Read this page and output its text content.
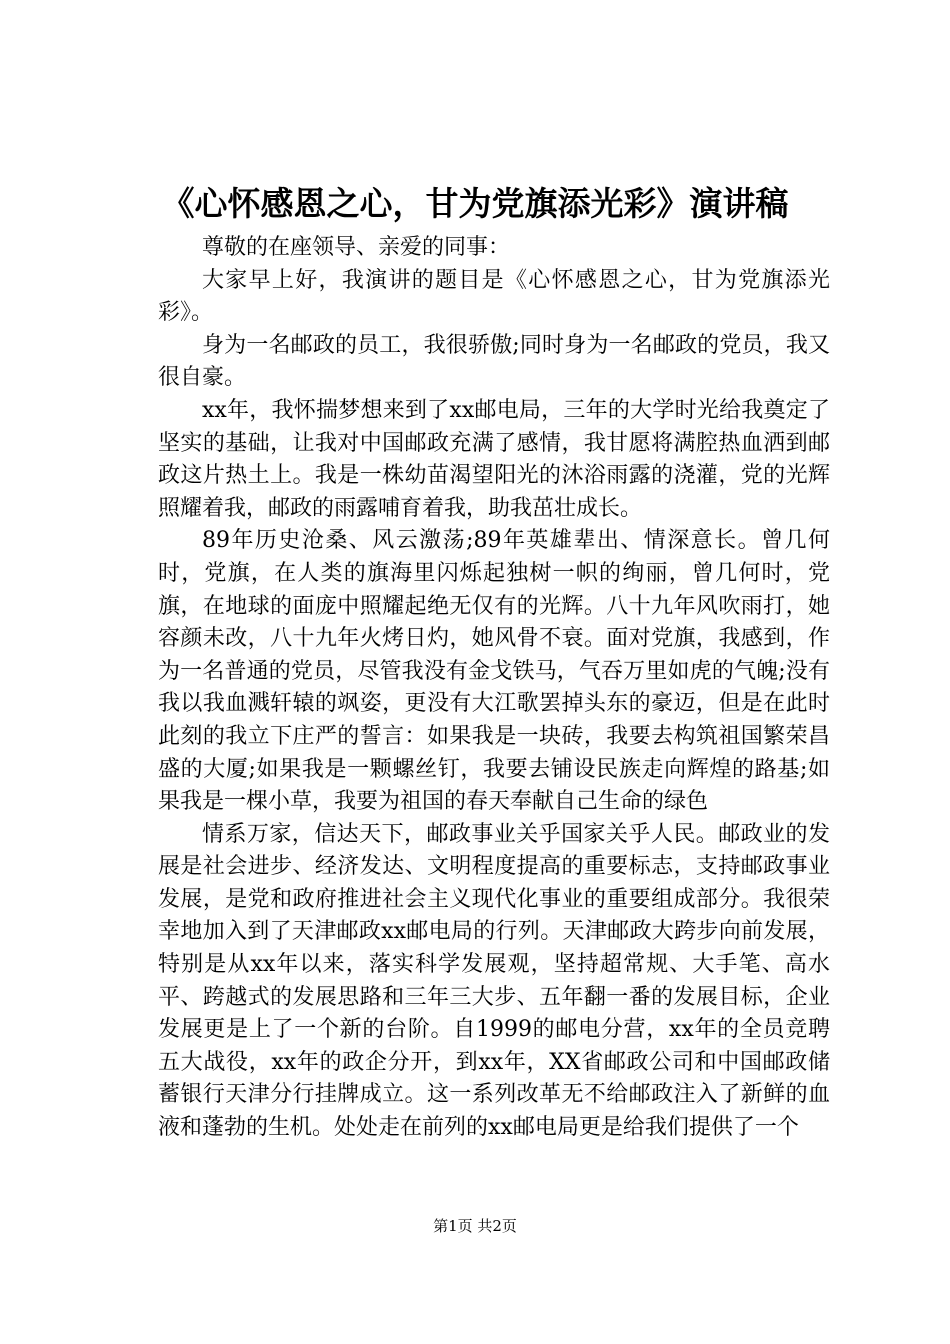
《心怀感恩之心，甘为党旗添光彩》演讲稿

尊敬的在座领导、亲爱的同事：

大家早上好，我演讲的题目是《心怀感恩之心，甘为党旗添光彩》。

身为一名邮政的员工，我很骄傲;同时身为一名邮政的党员，我又很自豪。

xx年，我怀揣梦想来到了xx邮电局，三年的大学时光给我奠定了坚实的基础，让我对中国邮政充满了感情，我甘愿将满腔热血洒到邮政这片热土上。我是一株幼苗渴望阳光的沐浴雨露的浇灌，党的光辉照耀着我，邮政的雨露哺育着我，助我茁壮成长。

89年历史沧桑、风云激荡;89年英雄辈出、情深意长。曾几何时，党旗，在人类的旗海里闪烁起独树一帜的绚丽，曾几何时，党旗，在地球的面庞中照耀起绝无仅有的光辉。八十九年风吹雨打，她容颜未改，八十九年火烤日灼，她风骨不衰。面对党旗，我感到，作为一名普通的党员，尽管我没有金戈铁马，气吞万里如虎的气魄;没有我以我血溅轩辕的飒姿，更没有大江歌罢掉头东的豪迈，但是在此时此刻的我立下庄严的誓言：如果我是一块砖，我要去构筑祖国繁荣昌盛的大厦;如果我是一颗螺丝钉，我要去铺设民族走向辉煌的路基;如果我是一棵小草，我要为祖国的春天奉献自己生命的绿色

情系万家，信达天下，邮政事业关乎国家关乎人民。邮政业的发展是社会进步、经济发达、文明程度提高的重要标志，支持邮政事业发展，是党和政府推进社会主义现代化事业的重要组成部分。我很荣幸地加入到了天津邮政xx邮电局的行列。天津邮政大跨步向前发展，特别是从xx年以来，落实科学发展观，坚持超常规、大手笔、高水平、跨越式的发展思路和三年三大步、五年翻一番的发展目标，企业发展更是上了一个新的台阶。自1999的邮电分营，xx年的全员竞聘五大战役，xx年的政企分开，到xx年，XX省邮政公司和中国邮政储蓄银行天津分行挂牌成立。这一系列改革无不给邮政注入了新鲜的血液和蓬勃的生机。处处走在前列的xx邮电局更是给我们提供了一个

第1页 共2页
